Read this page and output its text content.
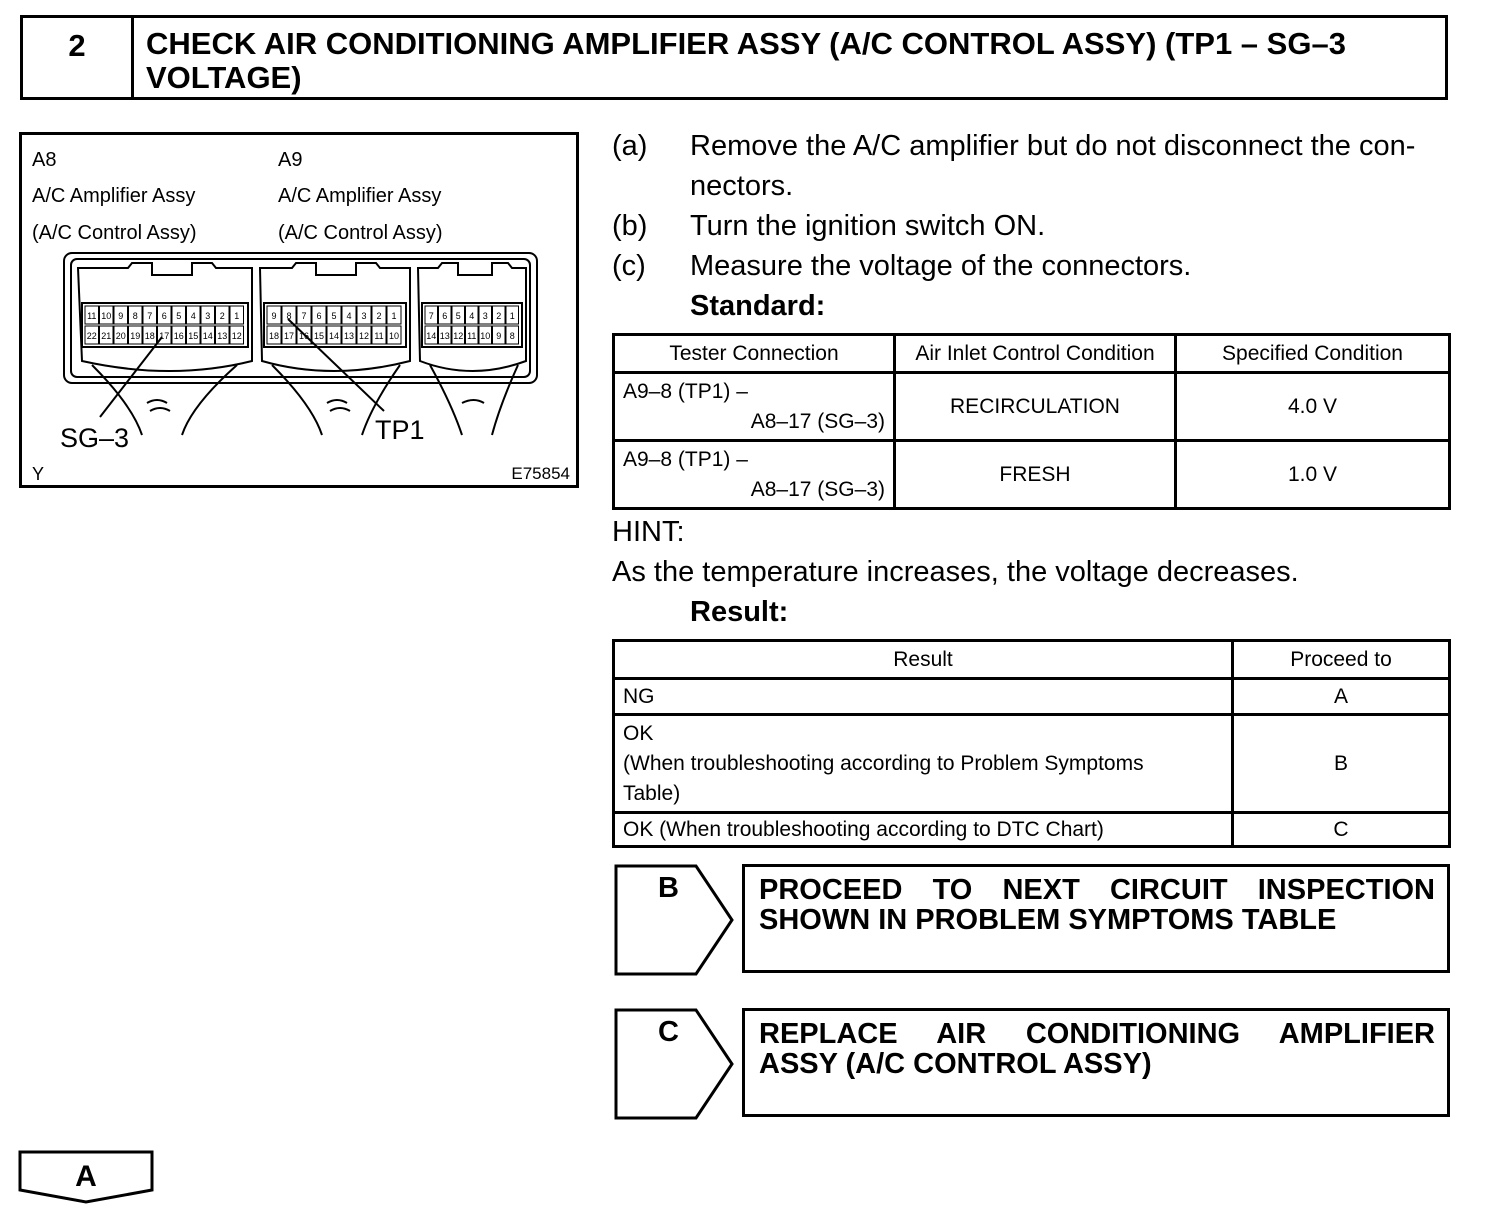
2	CHECK AIR CONDITIONING AMPLIFIER ASSY (A/C CONTROL ASSY) (TP1 – SG–3 VOLTAGE)
A8
A/C Amplifier Assy
(A/C Control Assy)
A9
A/C Amplifier Assy
(A/C Control Assy)
11 10 9 8 7 6 5 4 3 2 1
22 21 20 19 18 17 16 15 14 13 12
9 8 7 6 5 4 3 2 1
18 17 16 15 14 13 12 11 10
7 6 5 4 3 2 1
14 13 12 11 10 9 8
SG–3	TP1
Y	E75854
(a)	Remove the A/C amplifier but do not disconnect the con-nectors.
(b)	Turn the ignition switch ON.
(c)	Measure the voltage of the connectors.
Standard:
Tester Connection	Air Inlet Control Condition	Specified Condition

A9–8 (TP1) –
A8–17 (SG–3)	RECIRCULATION	4.0 V

A9–8 (TP1) –
A8–17 (SG–3)	FRESH	1.0 V
HINT:
As the temperature increases, the voltage decreases.
Result:
Result	Proceed to
NG	A

OK
(When troubleshooting according to Problem Symptoms
Table)	B
OK (When troubleshooting according to DTC Chart)	C
B	PROCEED TO NEXT CIRCUIT INSPECTION
SHOWN IN PROBLEM SYMPTOMS TABLE
C	REPLACE AIR CONDITIONING AMPLIFIER
ASSY (A/C CONTROL ASSY)
A
